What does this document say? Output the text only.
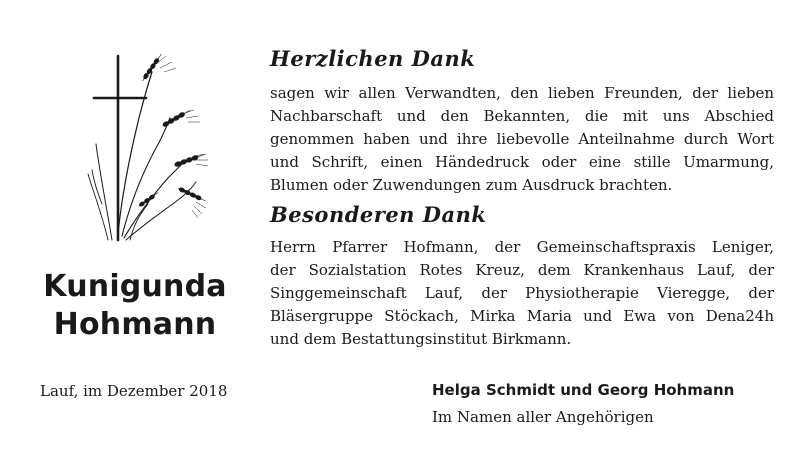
Kunigunda
Hohmann
Herzlichen Dank
sagen wir allen Verwandten, den lieben Freunden, der lieben
Nachbarschaft und den Bekannten, die mit uns Abschied
genommen haben und ihre liebevolle Anteilnahme durch Wort
und Schrift, einen Händedruck oder eine stille Umarmung,
Blumen oder Zuwendungen zum Ausdruck brachten.
Besonderen Dank
Herrn Pfarrer Hofmann, der Gemeinschaftspraxis Leniger,
der Sozialstation Rotes Kreuz, dem Krankenhaus Lauf, der
Singgemeinschaft Lauf, der Physiotherapie Vieregge, der
Bläsergruppe Stöckach, Mirka Maria und Ewa von Dena24h
und dem Bestattungsinstitut Birkmann.
Lauf, im Dezember 2018	Helga Schmidt und Georg Hohmann
Im Namen aller Angehörigen
